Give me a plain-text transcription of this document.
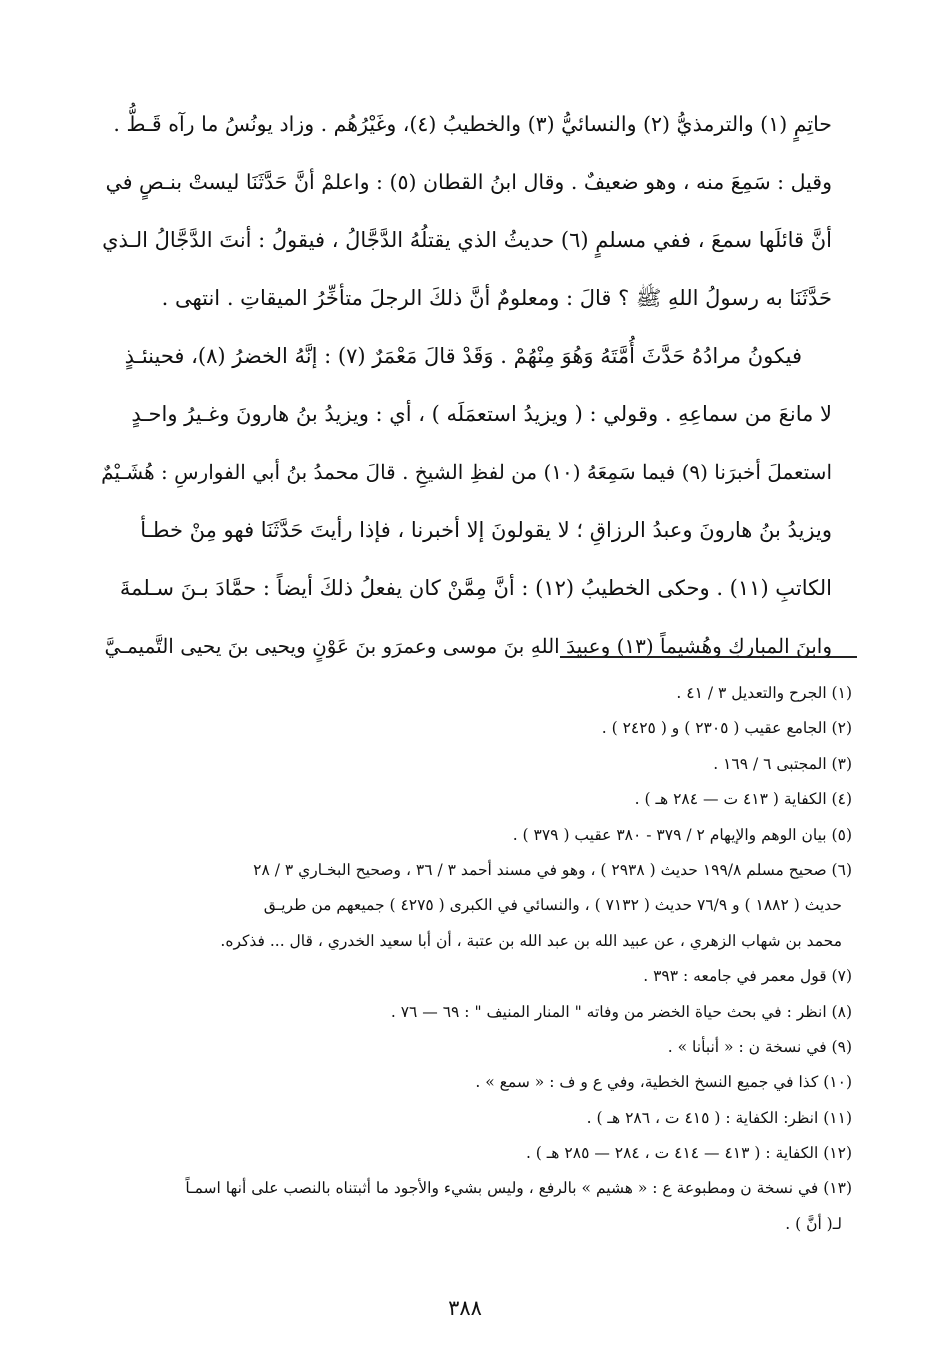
حاتِمٍ (١) والترمذيُّ (٢) والنسائيُّ (٣) والخطيبُ (٤)، وغَيْرُهُم . وزاد يونُسُ ما رآه قَـطُّ .
وقيل : سَمِعَ منه ، وهو ضعيفٌ . وقال ابنُ القطان (٥) : واعلمْ أنَّ حَدَّثَنَا ليستْ بنـصٍ في
أنَّ قائلَها سمعَ ، ففي مسلمٍ (٦) حديثُ الذي يقتلُهُ الدَّجَّالُ ، فيقولُ : أنتَ الدَّجَّالُ الـذي
حَدَّثَنَا به رسولُ اللهِ ﷺ ؟ قالَ : ومعلومٌ أنَّ ذلكَ الرجلَ متأخِّرُ الميقاتِ . انتهى .
فيكونُ مرادُهُ حَدَّثَ أُمَّتَهُ وَهُوَ مِنْهُمْ . وَقَدْ قالَ مَعْمَرٌ (٧) : إنَّهُ الخضرُ (٨)، فحينئـذٍ
لا مانعَ من سماعِهِ . وقولي : ( ويزيدُ استعمَلَه ) ، أي : ويزيدُ بنُ هارونَ وغـيرُ واحـدٍ
استعملَ أخبرَنا (٩) فيما سَمِعَهُ (١٠) من لفظِ الشيخِ . قالَ محمدُ بنُ أبي الفوارسِ : هُشَـيْمٌ
ويزيدُ بنُ هارونَ وعبدُ الرزاقِ ؛ لا يقولونَ إلا أخبرنا ، فإذا رأيتَ حَدَّثَنَا فهو مِنْ خطـأ
الكاتبِ (١١) . وحكى الخطيبُ (١٢) : أنَّ مِمَّنْ كان يفعلُ ذلكَ أيضاً : حمَّادَ بـنَ سـلمةَ
وابنَ المباركِ وهُشيماً (١٣) وعبيدَ اللهِ بنَ موسى وعمرَو بنَ عَوْنٍ ويحيى بنَ يحيى التَّميمـيَّ
(١) الجرح والتعديل ٣ / ٤١ .
(٢) الجامع عقيب ( ٢٣٠٥ ) و ( ٢٤٢٥ ) .
(٣) المجتبى ٦ / ١٦٩ .
(٤) الكفاية ( ٤١٣ ت — ٢٨٤ هـ ) .
(٥) بيان الوهم والإيهام ٢ / ٣٧٩ - ٣٨٠ عقيب ( ٣٧٩ ) .
(٦) صحيح مسلم ١٩٩/٨ حديث ( ٢٩٣٨ ) ، وهو في مسند أحمد ٣ / ٣٦ ، وصحيح البخـاري ٣ / ٢٨
حديث ( ١٨٨٢ ) و ٧٦/٩ حديث ( ٧١٣٢ ) ، والنسائي في الكبرى ( ٤٢٧٥ ) جميعهم من طريـق
محمد بن شهاب الزهري ، عن عبيد الله بن عبد الله بن عتبة ، أن أبا سعيد الخدري ، قال ... فذكره.
(٧) قول معمر في جامعه : ٣٩٣ .
(٨) انظر : في بحث حياة الخضر من وفاته " المنار المنيف " : ٦٩ — ٧٦ .
(٩) في نسخة ن : « أنبأنا » .
(١٠) كذا في جميع النسخ الخطية، وفي ع و ف : « سمع » .
(١١) انظر: الكفاية : ( ٤١٥ ت ، ٢٨٦ هـ ) .
(١٢) الكفاية : ( ٤١٣ — ٤١٤ ت ، ٢٨٤ — ٢٨٥ هـ ) .
(١٣) في نسخة ن ومطبوعة ع : « هشيم » بالرفع ، وليس بشيء والأجود ما أثبتناه بالنصب على أنها اسمـاً
لـ( أنَّ ) .
٣٨٨
